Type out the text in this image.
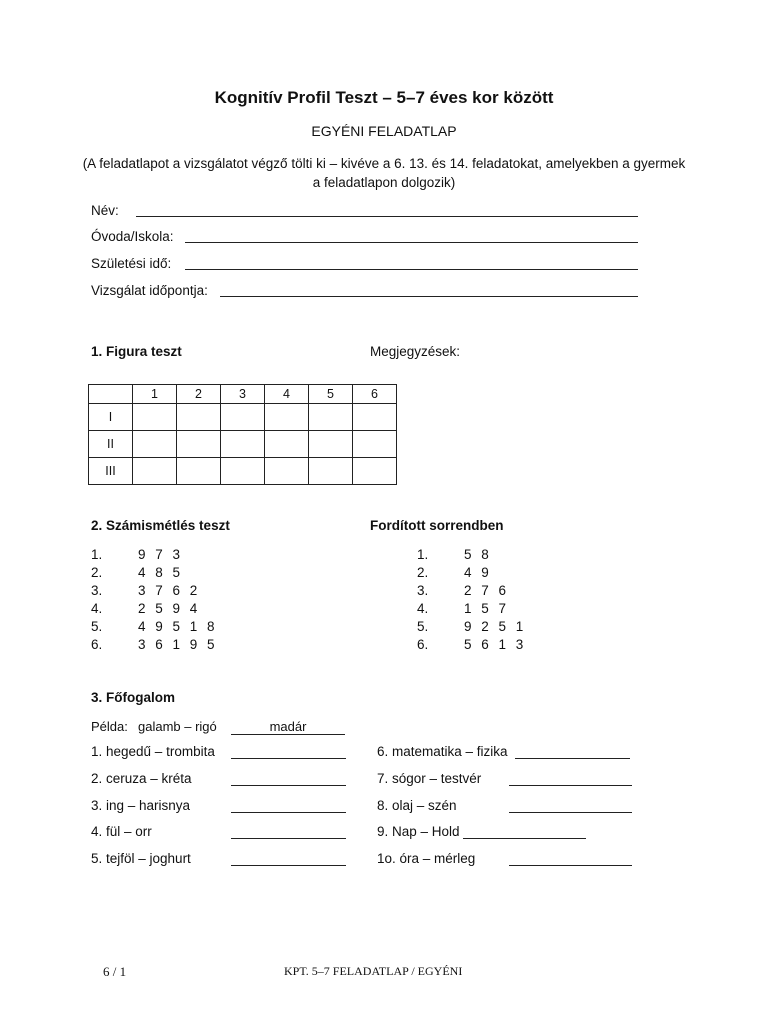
Kognitív Profil Teszt – 5–7 éves kor között
EGYÉNI FELADATLAP
(A feladatlapot a vizsgálatot végző tölti ki – kivéve a 6. 13. és 14. feladatokat, amelyekben a gyermek a feladatlapon dolgozik)
Név:
Óvoda/Iskola:
Születési idő:
Vizsgálat időpontja:
1. Figura teszt	Megjegyzések:
	1	2	3	4	5	6
I						
II						
III						
2. Számismétlés teszt	Fordított sorrendben
1.	9 7 3
2.	4 8 5
3.	3 7 6 2
4.	2 5 9 4
5.	4 9 5 1 8
6.	3 6 1 9 5
1.	5 8
2.	4 9
3.	2 7 6
4.	1 5 7
5.	9 2 5 1
6.	5 6 1 3
3. Főfogalom
Példa: galamb – rigó	madár
1. hegedű – trombita
2. ceruza – kréta
3. ing – harisnya
4. fül – orr
5. tejföl – joghurt
6. matematika – fizika
7. sógor – testvér
8. olaj – szén
9. Nap – Hold
1o. óra – mérleg
6 / 1	KPT. 5–7 FELADATLAP / EGYÉNI
